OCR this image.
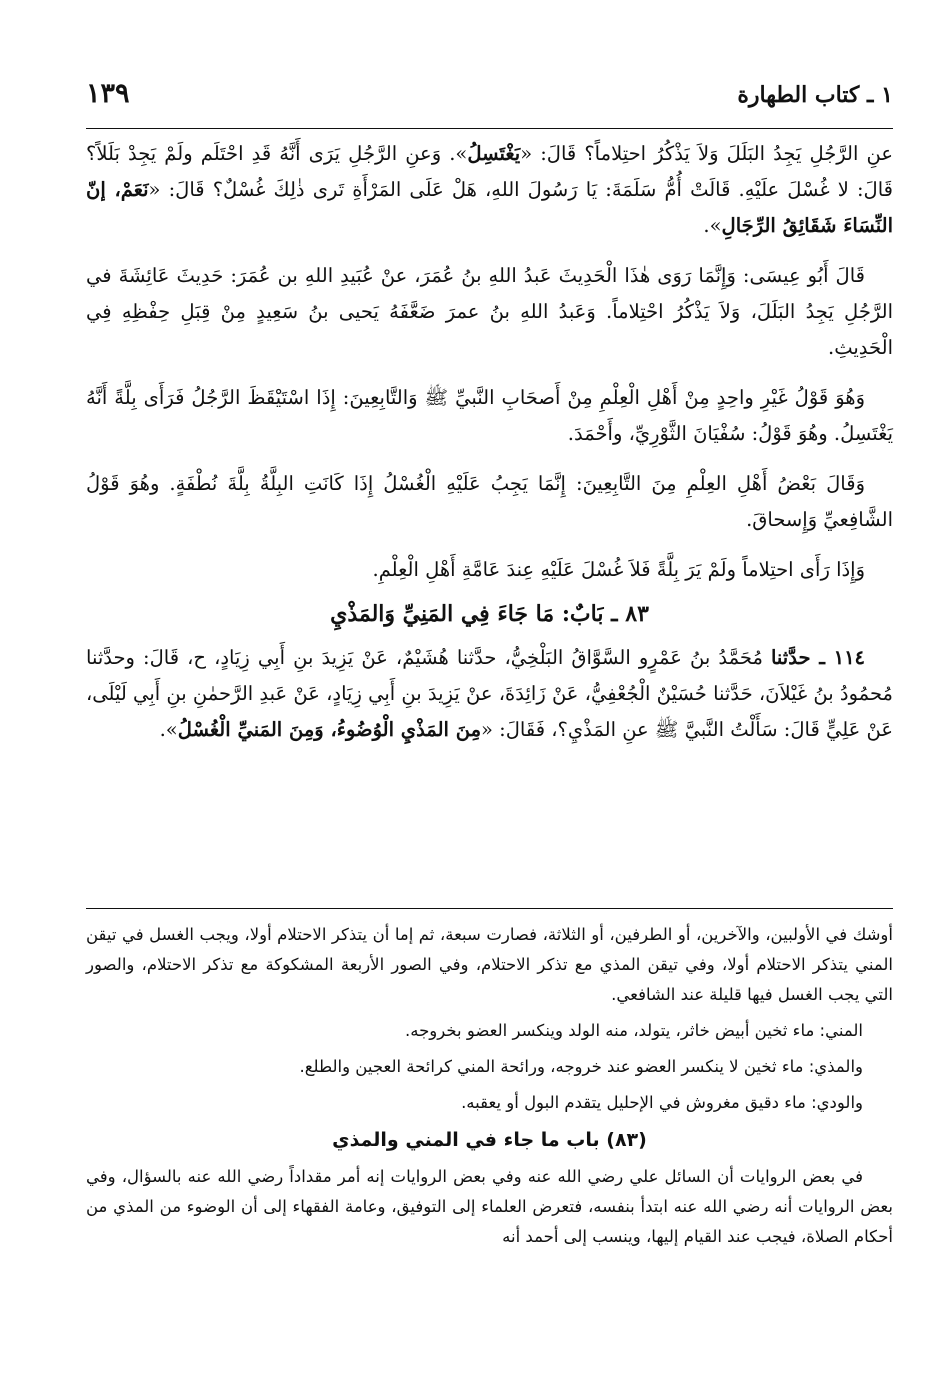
١٣٩	١ ـ كتاب الطهارة

عنِ الرَّجُلِ يَجِدُ البَلَلَ وَلاَ يَذْكُرُ احتِلاماً؟ قَالَ: «يَغْتَسِلُ». وَعنِ الرَّجُلِ يَرَى أَنَّهُ قَدِ احْتَلَم ولَمْ يَجِدْ بَلَلاً؟ قَالَ: لا غُسْلَ علَيْهِ. قَالَتْ أُمُّ سَلَمَةَ: يَا رَسُولَ اللهِ، هَلْ عَلَى المَرْأَةِ تَرى ذٰلِكَ غُسْلٌ؟ قَالَ: «نَعَمْ، إنّ النِّسَاءَ شَقَائِقُ الرِّجَالِ».

قَالَ أَبُو عِيسَى: وَإِنَّمَا رَوَى هٰذَا الْحَدِيثَ عَبدُ اللهِ بنُ عُمَرَ، عنْ عُبَيدِ اللهِ بن عُمَرَ: حَدِيثَ عَائِشَةَ في الرَّجُلِ يَجِدُ البَلَلَ، وَلاَ يَذْكُرُ احْتِلاماً. وَعَبدُ اللهِ بنُ عمرَ ضَعَّفَهُ يَحيى بنُ سَعِيدٍ مِنْ قِبَلِ حِفْظِهِ فِي الْحَدِيثِ.

وَهُوَ قَوْلُ غَيْرِ واحِدٍ مِنْ أَهْلِ الْعِلْمِ مِنْ أَصحَابِ النَّبيِّ ﷺ وَالتَّابِعِينَ: إِذَا اسْتَيْقَظَ الرَّجُلُ فَرَأَى بِلَّةً أَنَّهُ يَغْتَسِلُ. وهُوَ قَوْلُ: سُفْيَانَ الثَّوْرِيِّ، وأَحْمَدَ.

وَقَالَ بَعْضُ أَهْلِ العِلْمِ مِنَ التَّابِعِينَ: إِنَّمَا يَجِبُ عَلَيْهِ الْغُسْلُ إِذَا كَانَتِ البِلَّةُ بِلَّةَ نُطْفَةٍ. وهُوَ قَوْلُ الشَّافِعيِّ وَإِسحاقَ.

وَإِذَا رَأَى احتِلاماً ولَمْ يَرَ بِلَّةً فَلاَ غُسْلَ عَلَيْهِ عِندَ عَامَّةِ أَهْلِ الْعِلْمِ.

٨٣ ـ بَابٌ: مَا جَاءَ فِي المَنِيِّ وَالمَذْيِ

١١٤ ـ حدَّثنا مُحَمَّدُ بنُ عَمْرٍو السَّوَّاقُ البَلْخِيُّ، حدَّثنا هُشَيْمٌ، عَنْ يَزِيدَ بنِ أَبِي زِيَادٍ، ح، قَالَ: وحدَّثنا مُحمُودُ بنُ غَيْلاَنَ، حَدَّثنا حُسَيْنٌ الْجُعْفِيُّ، عَنْ زَائِدَةَ، عنْ يَزِيدَ بنِ أَبِي زِيَادٍ، عَنْ عَبدِ الرَّحمٰنِ بنِ أَبِي لَيْلَى، عَنْ عَلِيٍّ قَالَ: سَأَلْتُ النَّبيَّ ﷺ عنِ المَذْيِ؟، فَقَالَ: «مِنَ المَذْيِ الْوُضُوءُ، وَمِنَ المَنيِّ الْغُسْلُ».

أوشك في الأولبين، والآخرين، أو الطرفين، أو الثلاثة، فصارت سبعة، ثم إما أن يتذكر الاحتلام أولا، ويجب الغسل في تيقن المني يتذكر الاحتلام أولا، وفي تيقن المذي مع تذكر الاحتلام، وفي الصور الأربعة المشكوكة مع تذكر الاحتلام، والصور التي يجب الغسل فيها قليلة عند الشافعي.

المني: ماء ثخين أبيض خاثر، يتولد، منه الولد وينكسر العضو بخروجه.

والمذي: ماء ثخين لا ينكسر العضو عند خروجه، ورائحة المني كرائحة العجين والطلع.

والودي: ماء دقيق مغروش في الإحليل يتقدم البول أو يعقبه.

(٨٣) باب ما جاء في المني والمذي

في بعض الروايات أن السائل علي رضي الله عنه وفي بعض الروايات إنه أمر مقداداً رضي الله عنه بالسؤال، وفي بعض الروايات أنه رضي الله عنه ابتدأ بنفسه، فتعرض العلماء إلى التوفيق، وعامة الفقهاء إلى أن الوضوء من المذي من أحكام الصلاة، فيجب عند القيام إليها، وينسب إلى أحمد أنه
